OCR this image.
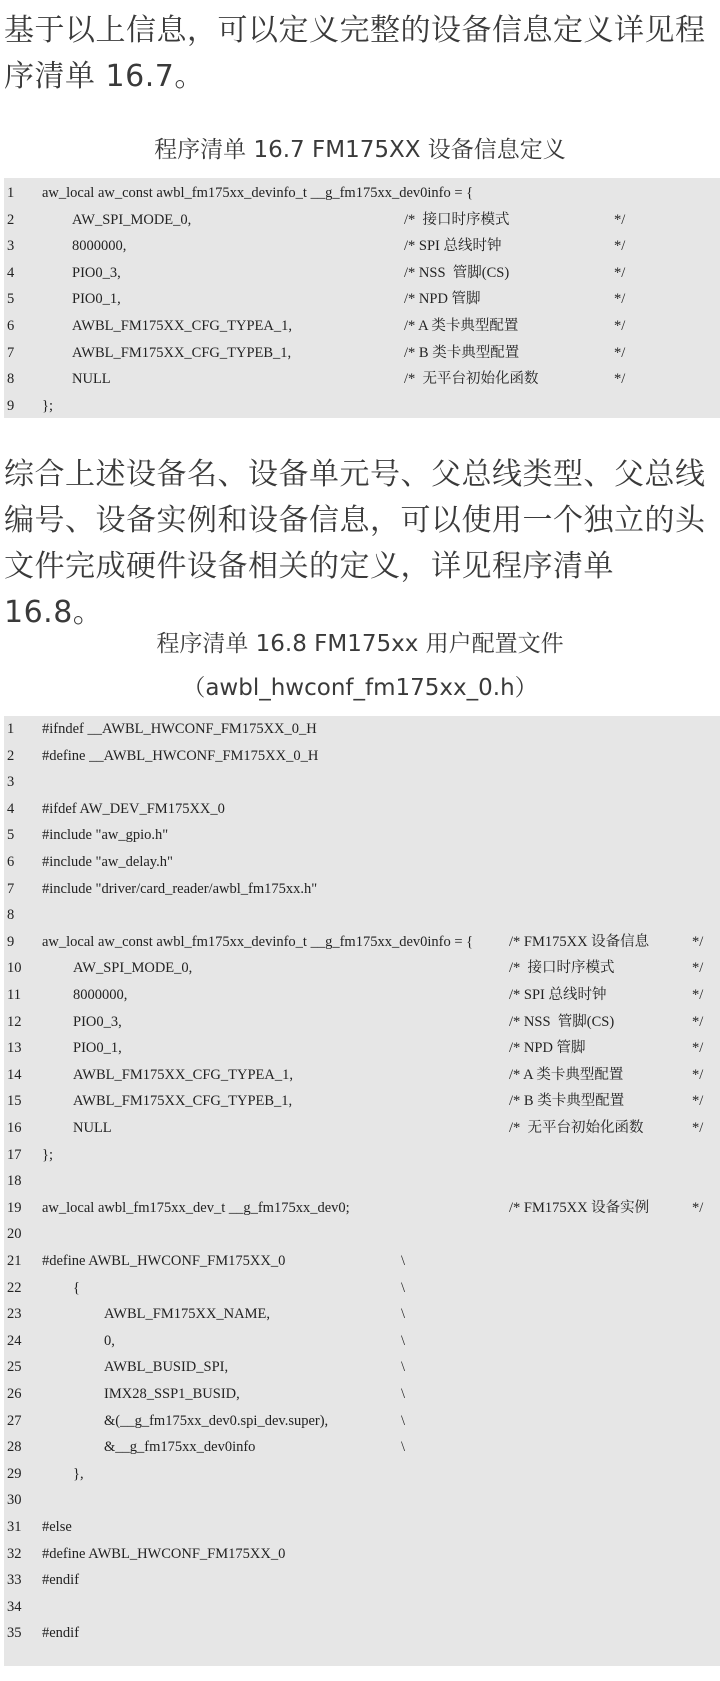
基于以上信息，可以定义完整的设备信息定义详见程
序清单 16.7。

程序清单 16.7 FM175XX 设备信息定义

1	aw_local aw_const awbl_fm175xx_devinfo_t __g_fm175xx_dev0info = {
2	AW_SPI_MODE_0,	/*  接口时序模式	*/
3	8000000,	/* SPI 总线时钟	*/
4	PIO0_3,	/* NSS  管脚(CS)	*/
5	PIO0_1,	/* NPD 管脚	*/
6	AWBL_FM175XX_CFG_TYPEA_1,	/* A 类卡典型配置	*/
7	AWBL_FM175XX_CFG_TYPEB_1,	/* B 类卡典型配置	*/
8	NULL	/*  无平台初始化函数	*/
9	};

综合上述设备名、设备单元号、父总线类型、父总线
编号、设备实例和设备信息，可以使用一个独立的头
文件完成硬件设备相关的定义，详见程序清单 16.8。

程序清单 16.8 FM175xx 用户配置文件

（awbl_hwconf_fm175xx_0.h）

1	#ifndef __AWBL_HWCONF_FM175XX_0_H
2	#define __AWBL_HWCONF_FM175XX_0_H
3
4	#ifdef AW_DEV_FM175XX_0
5	#include "aw_gpio.h"
6	#include "aw_delay.h"
7	#include "driver/card_reader/awbl_fm175xx.h"
8
9	aw_local aw_const awbl_fm175xx_devinfo_t __g_fm175xx_dev0info = { /* FM175XX 设备信息	*/
10	AW_SPI_MODE_0,	/*  接口时序模式	*/
11	8000000,	/* SPI 总线时钟	*/
12	PIO0_3,	/* NSS  管脚(CS)	*/
13	PIO0_1,	/* NPD 管脚	*/
14	AWBL_FM175XX_CFG_TYPEA_1,	/* A 类卡典型配置	*/
15	AWBL_FM175XX_CFG_TYPEB_1,	/* B 类卡典型配置	*/
16	NULL	/*  无平台初始化函数	*/
17	};
18
19	aw_local awbl_fm175xx_dev_t __g_fm175xx_dev0;	/* FM175XX 设备实例	*/
20
21	#define AWBL_HWCONF_FM175XX_0	\
22	{	\
23	AWBL_FM175XX_NAME,	\
24	0,	\
25	AWBL_BUSID_SPI,	\
26	IMX28_SSP1_BUSID,	\
27	&(__g_fm175xx_dev0.spi_dev.super),	\
28	&__g_fm175xx_dev0info	\
29	},
30
31	#else
32	#define AWBL_HWCONF_FM175XX_0
33	#endif
34
35	#endif
